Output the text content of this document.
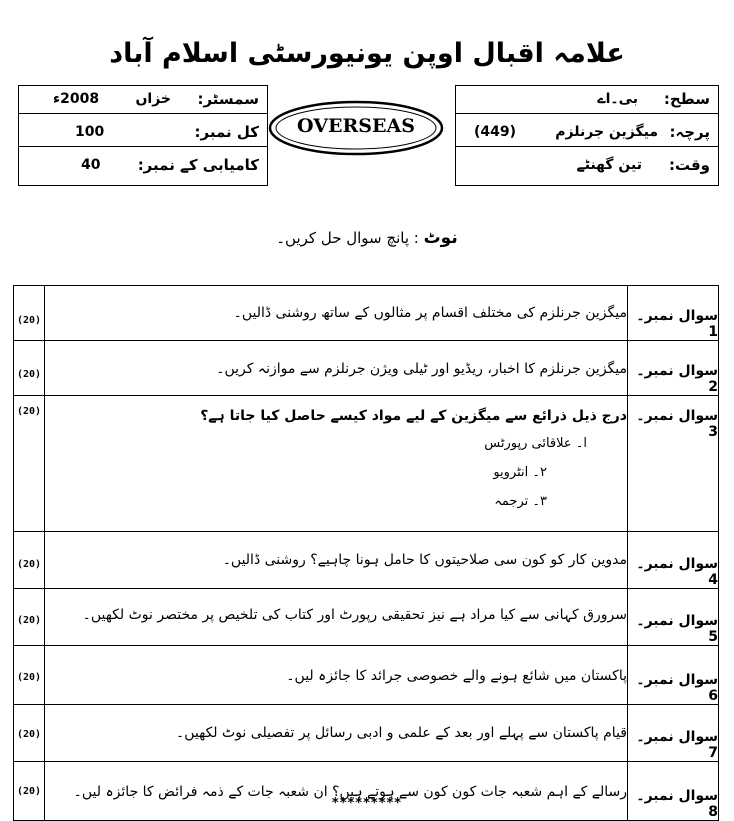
علامہ اقبال اوپن یونیورسٹی اسلام آباد
سمسٹر:
خزاں
2008ء
کل نمبر:
100
کامیابی کے نمبر:
40
OVERSEAS
سطح:
بی۔اے
پرچہ:
میگزین جرنلزم
(449)
وقت:
تین گھنٹے
نوٹ : پانچ سوال حل کریں۔
(20)	میگزین جرنلزم کی مختلف اقسام پر مثالوں کے ساتھ روشنی ڈالیں۔	سوال نمبر۔1

(20)	میگزین جرنلزم کا اخبار، ریڈیو اور ٹیلی ویژن جرنلزم سے موازنہ کریں۔	سوال نمبر۔2

(20)	درج ذیل ذرائع سے میگزین کے لیے مواد کیسے حاصل کیا جاتا ہے؟
ا۔ علاقائی رپورٹس
۲۔ انٹرویو
۳۔ ترجمہ	سوال نمبر۔3

(20)	مدوین کار کو کون سی صلاحیتوں کا حامل ہونا چاہیے؟ روشنی ڈالیں۔	سوال نمبر۔4

(20)	سرورق کہانی سے کیا مراد ہے نیز تحقیقی رپورٹ اور کتاب کی تلخیص پر مختصر نوٹ لکھیں۔	سوال نمبر۔5

(20)	پاکستان میں شائع ہونے والے خصوصی جرائد کا جائزہ لیں۔	سوال نمبر۔6

(20)	قیام پاکستان سے پہلے اور بعد کے علمی و ادبی رسائل پر تفصیلی نوٹ لکھیں۔	سوال نمبر۔7

(20)	رسالے کے اہم شعبہ جات کون کون سے ہوتے ہیں؟ ان شعبہ جات کے ذمہ فرائض کا جائزہ لیں۔	سوال نمبر۔8
*********
